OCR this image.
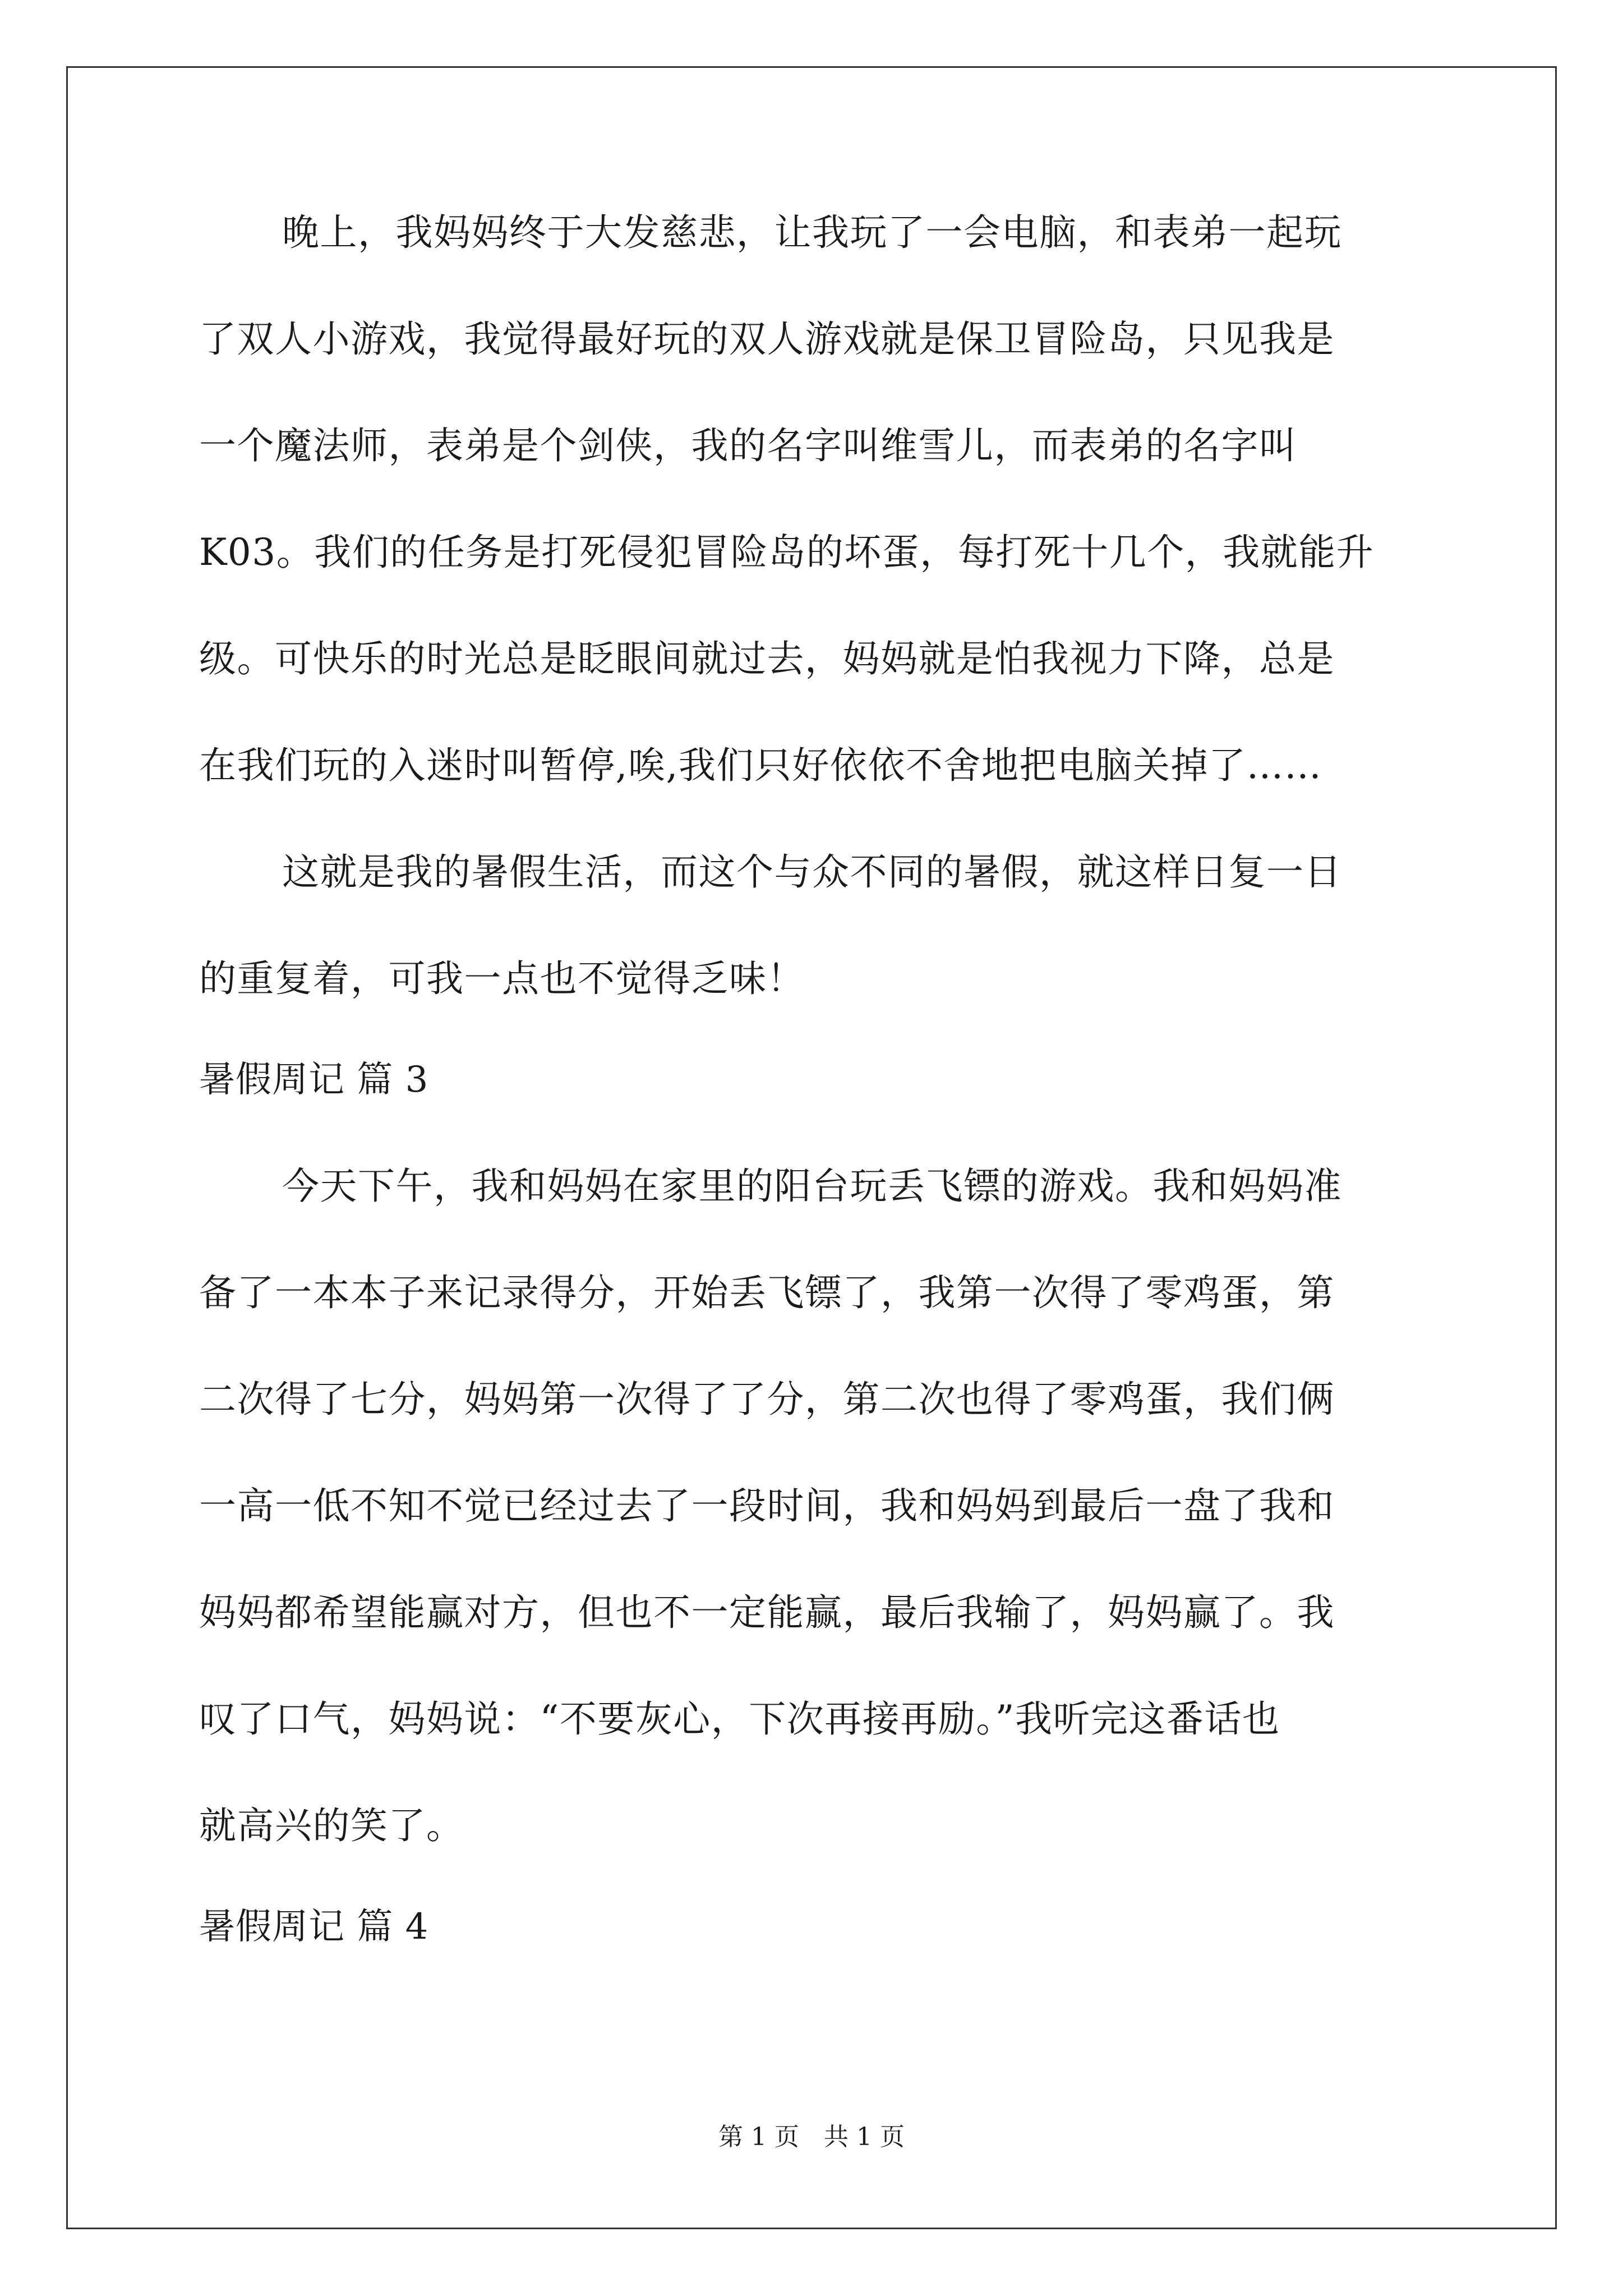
晚上，我妈妈终于大发慈悲，让我玩了一会电脑，和表弟一起玩
了双人小游戏，我觉得最好玩的双人游戏就是保卫冒险岛，只见我是
一个魔法师，表弟是个剑侠，我的名字叫维雪儿，而表弟的名字叫
K03。我们的任务是打死侵犯冒险岛的坏蛋，每打死十几个，我就能升
级。可快乐的时光总是眨眼间就过去，妈妈就是怕我视力下降，总是
在我们玩的入迷时叫暂停,唉,我们只好依依不舍地把电脑关掉了……
这就是我的暑假生活，而这个与众不同的暑假，就这样日复一日
的重复着，可我一点也不觉得乏味！
暑假周记 篇 3
今天下午，我和妈妈在家里的阳台玩丢飞镖的游戏。我和妈妈准
备了一本本子来记录得分，开始丢飞镖了，我第一次得了零鸡蛋，第
二次得了七分，妈妈第一次得了了分，第二次也得了零鸡蛋，我们俩
一高一低不知不觉已经过去了一段时间，我和妈妈到最后一盘了我和
妈妈都希望能赢对方，但也不一定能赢，最后我输了，妈妈赢了。我
叹了口气，妈妈说：“不要灰心，下次再接再励。”我听完这番话也
就高兴的笑了。
暑假周记 篇 4
第 1 页　共 1 页
